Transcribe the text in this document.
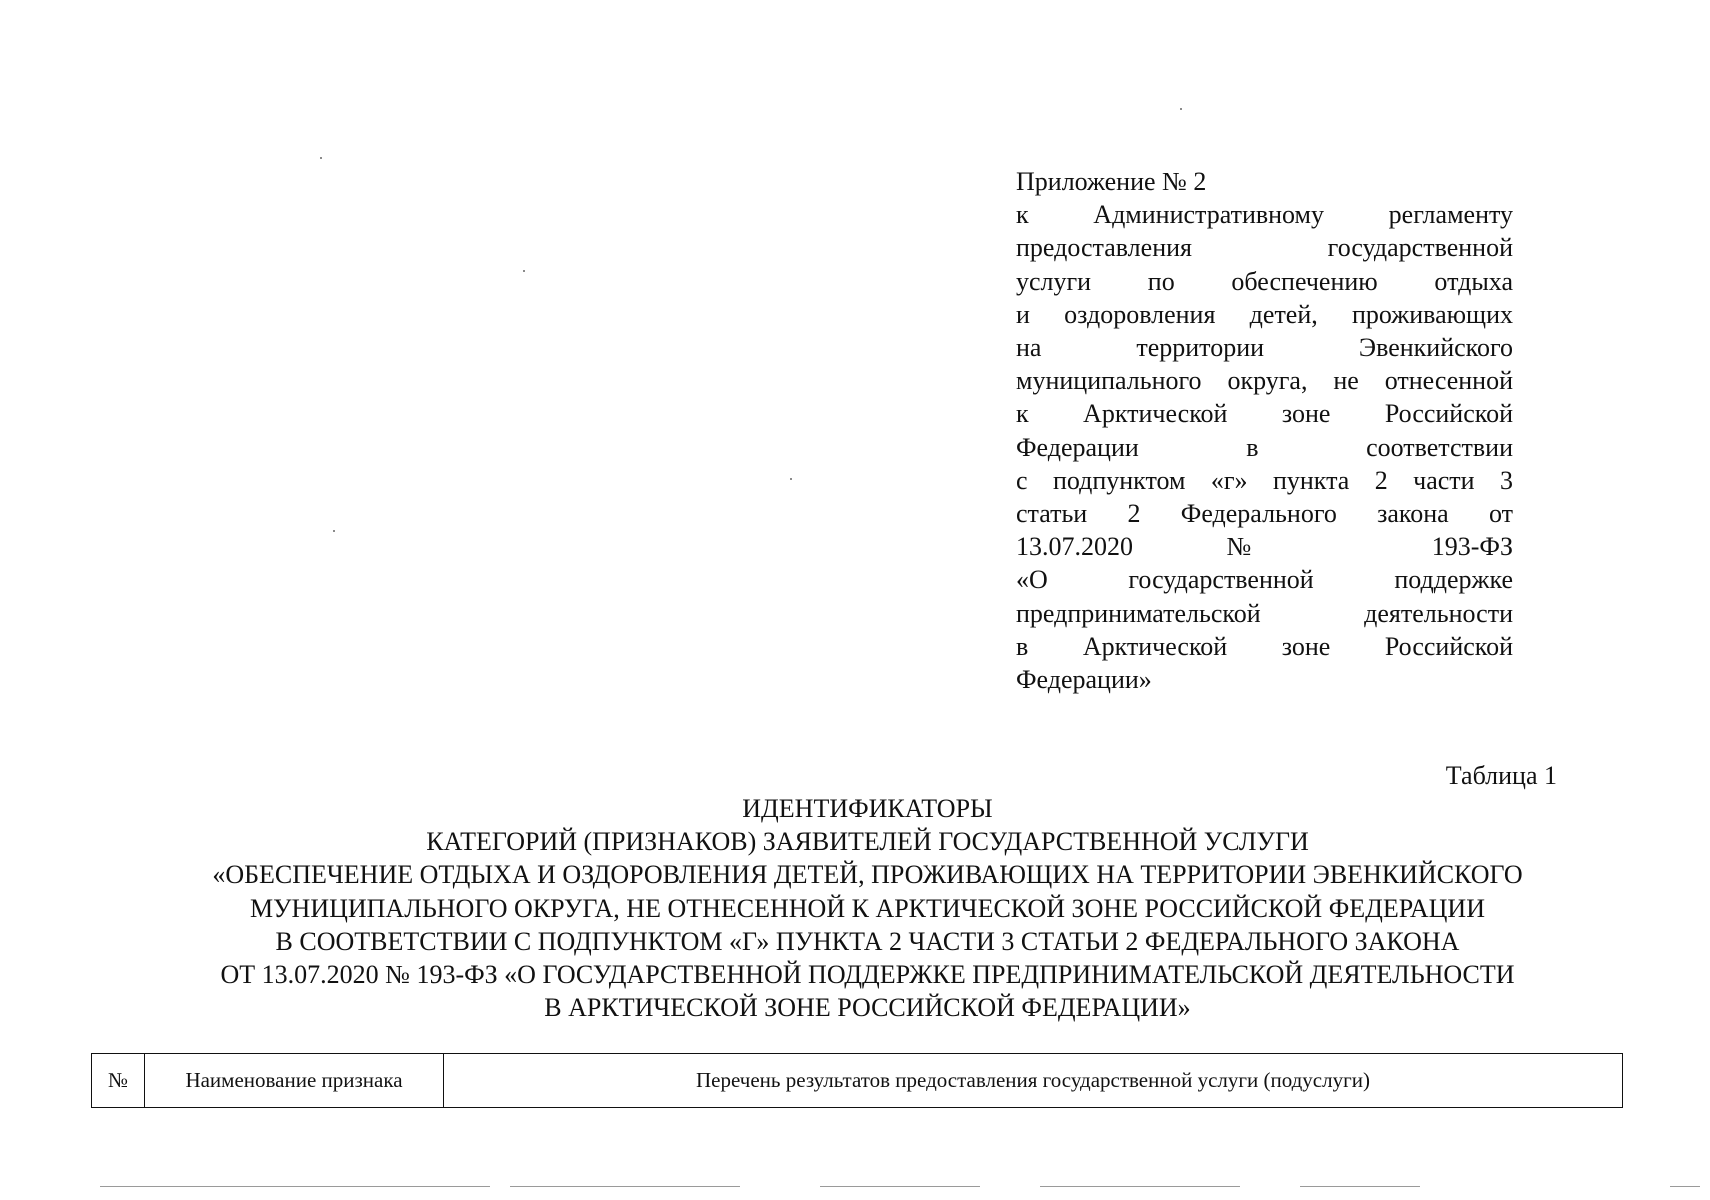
Приложение № 2
к Административному регламенту
предоставления государственной
услуги по обеспечению отдыха
и оздоровления детей, проживающих
на территории Эвенкийского
муниципального округа, не отнесенной
к Арктической зоне Российской
Федерации в соответствии
с подпунктом «г» пункта 2 части 3
статьи 2 Федерального закона от
13.07.2020 № 193-ФЗ
«О государственной поддержке
предпринимательской деятельности
в Арктической зоне Российской
Федерации»
Таблица 1
ИДЕНТИФИКАТОРЫ
КАТЕГОРИЙ (ПРИЗНАКОВ) ЗАЯВИТЕЛЕЙ ГОСУДАРСТВЕННОЙ УСЛУГИ
«ОБЕСПЕЧЕНИЕ ОТДЫХА И ОЗДОРОВЛЕНИЯ ДЕТЕЙ, ПРОЖИВАЮЩИХ НА ТЕРРИТОРИИ ЭВЕНКИЙСКОГО
МУНИЦИПАЛЬНОГО ОКРУГА, НЕ ОТНЕСЕННОЙ К АРКТИЧЕСКОЙ ЗОНЕ РОССИЙСКОЙ ФЕДЕРАЦИИ
В СООТВЕТСТВИИ С ПОДПУНКТОМ «Г» ПУНКТА 2 ЧАСТИ 3 СТАТЬИ 2 ФЕДЕРАЛЬНОГО ЗАКОНА
ОТ 13.07.2020 № 193-ФЗ «О ГОСУДАРСТВЕННОЙ ПОДДЕРЖКЕ ПРЕДПРИНИМАТЕЛЬСКОЙ ДЕЯТЕЛЬНОСТИ
В АРКТИЧЕСКОЙ ЗОНЕ РОССИЙСКОЙ ФЕДЕРАЦИИ»
№	Наименование признака	Перечень результатов предоставления государственной услуги (подуслуги)
